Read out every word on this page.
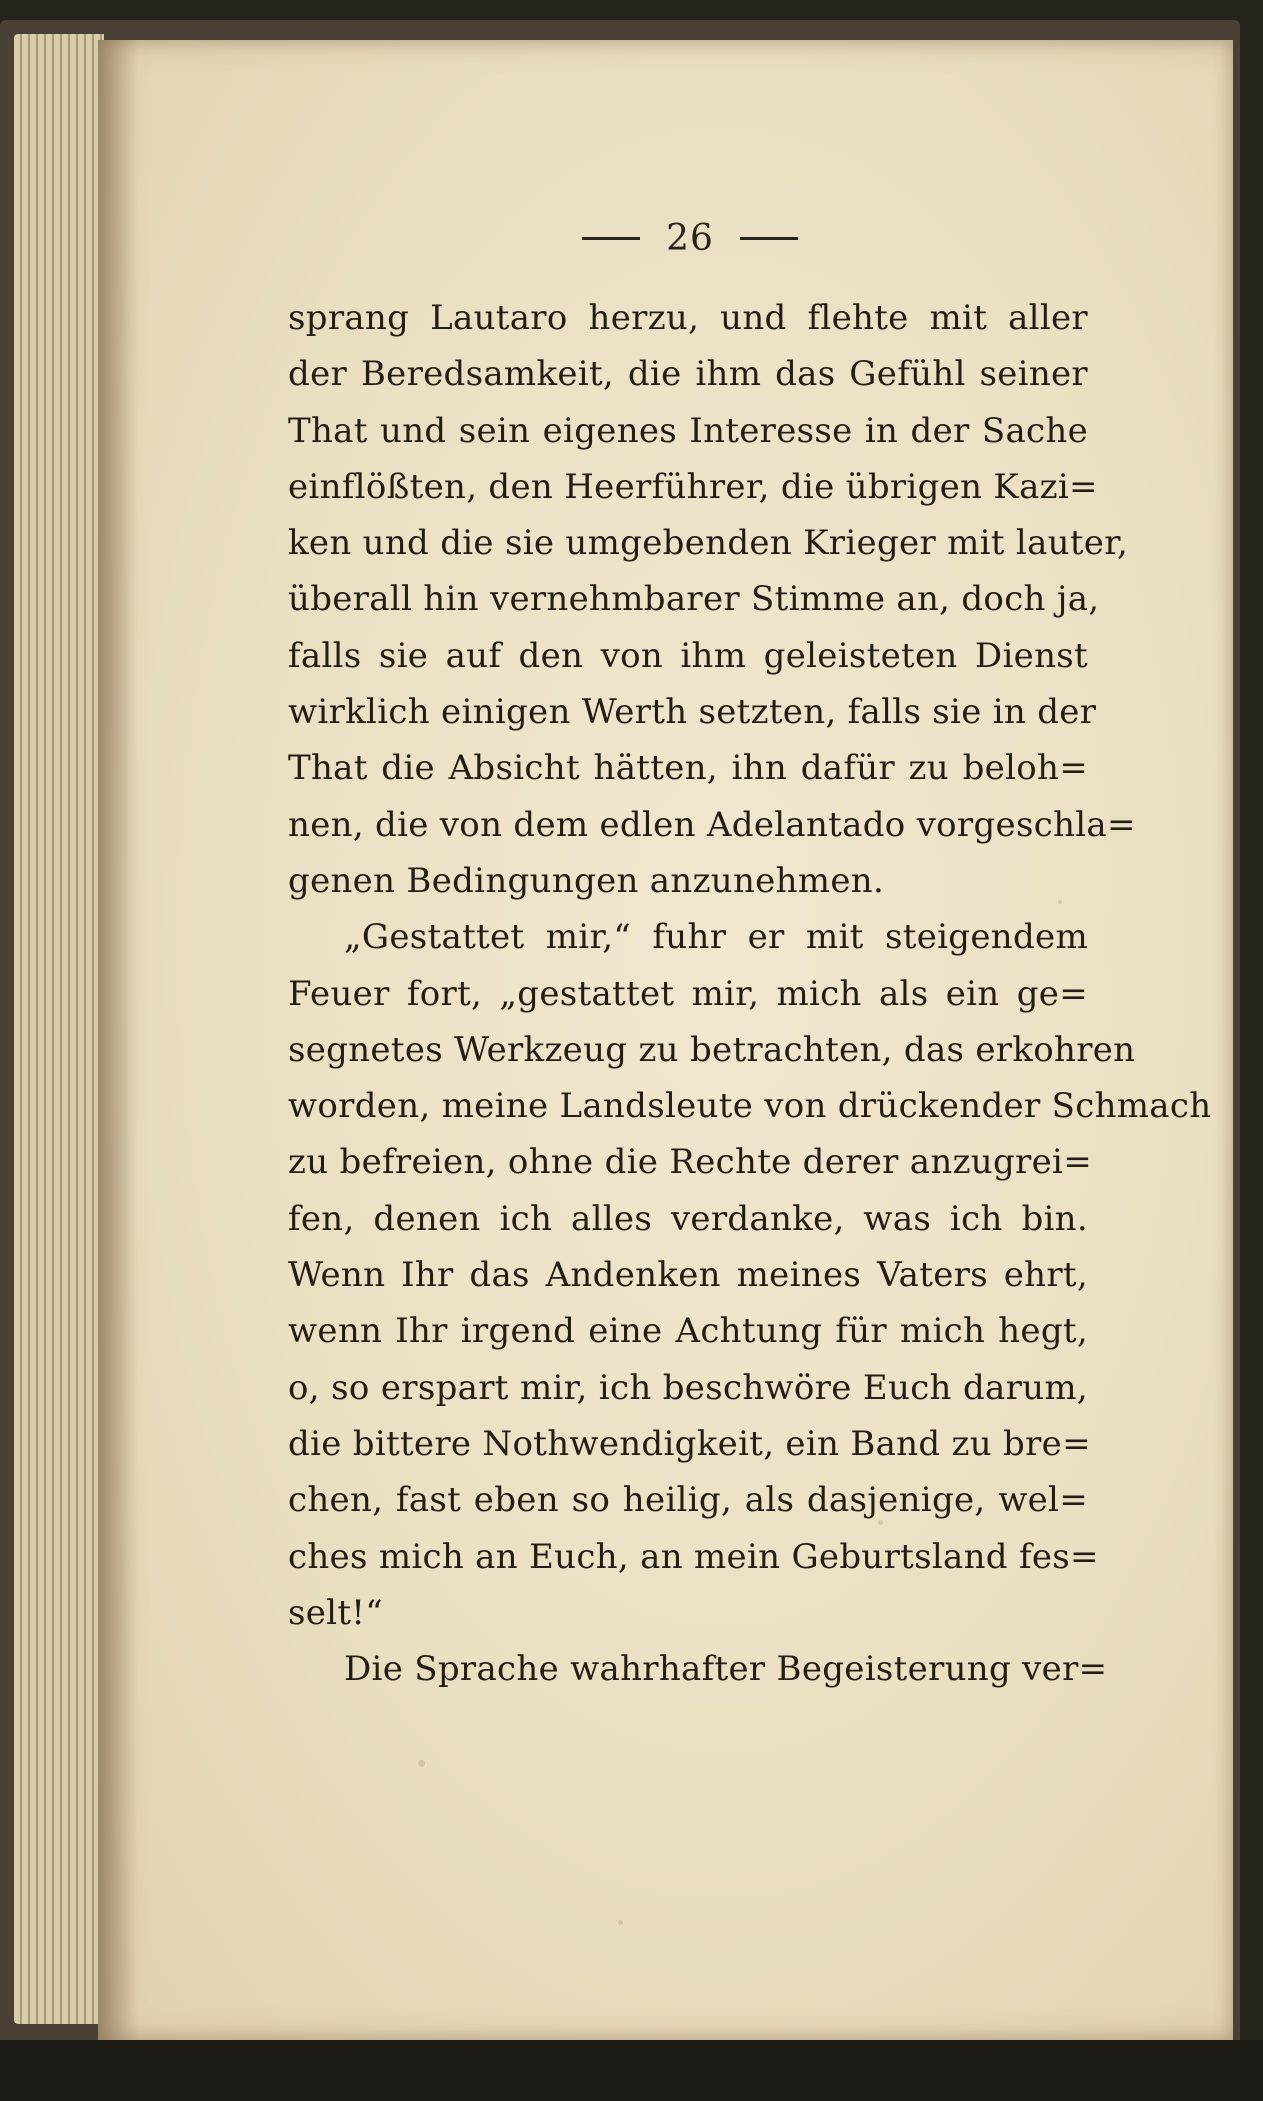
26
sprang Lautaro herzu, und flehte mit aller
der Beredsamkeit, die ihm das Gefühl seiner
That und sein eigenes Interesse in der Sache
einflößten, den Heerführer, die übrigen Kazi=
ken und die sie umgebenden Krieger mit lauter,
überall hin vernehmbarer Stimme an, doch ja,
falls sie auf den von ihm geleisteten Dienst
wirklich einigen Werth setzten, falls sie in der
That die Absicht hätten, ihn dafür zu beloh=
nen, die von dem edlen Adelantado vorgeschla=
genen Bedingungen anzunehmen.
„Gestattet mir,“ fuhr er mit steigendem
Feuer fort, „gestattet mir, mich als ein ge=
segnetes Werkzeug zu betrachten, das erkohren
worden, meine Landsleute von drückender Schmach
zu befreien, ohne die Rechte derer anzugrei=
fen, denen ich alles verdanke, was ich bin.
Wenn Ihr das Andenken meines Vaters ehrt,
wenn Ihr irgend eine Achtung für mich hegt,
o, so erspart mir, ich beschwöre Euch darum,
die bittere Nothwendigkeit, ein Band zu bre=
chen, fast eben so heilig, als dasjenige, wel=
ches mich an Euch, an mein Geburtsland fes=
selt!“
Die Sprache wahrhafter Begeisterung ver=
